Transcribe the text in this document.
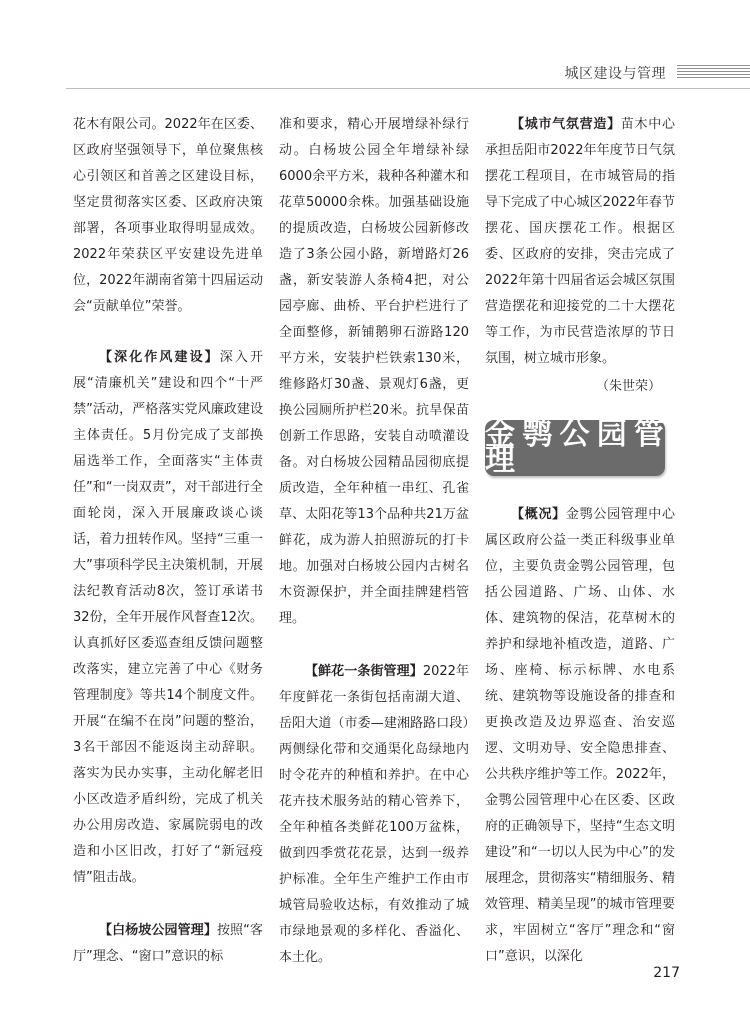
城区建设与管理

花木有限公司。2022年在区委、区政府坚强领导下，单位聚焦核心引领区和首善之区建设目标，坚定贯彻落实区委、区政府决策部署，各项事业取得明显成效。2022年荣获区平安建设先进单位，2022年湖南省第十四届运动会“贡献单位”荣誉。

【深化作风建设】深入开展“清廉机关”建设和四个“十严禁”活动，严格落实党风廉政建设主体责任。5月份完成了支部换届选举工作，全面落实“主体责任”和“一岗双责”，对干部进行全面轮岗，深入开展廉政谈心谈话，着力扭转作风。坚持“三重一大”事项科学民主决策机制，开展法纪教育活动8次，签订承诺书32份，全年开展作风督查12次。认真抓好区委巡查组反馈问题整改落实，建立完善了中心《财务管理制度》等共14个制度文件。开展“在编不在岗”问题的整治，3名干部因不能返岗主动辞职。落实为民办实事，主动化解老旧小区改造矛盾纠纷，完成了机关办公用房改造、家属院弱电的改造和小区旧改，打好了“新冠疫情”阻击战。

【白杨坡公园管理】按照“客厅”理念、“窗口”意识的标

准和要求，精心开展增绿补绿行动。白杨坡公园全年增绿补绿6000余平方米，栽种各种灌木和花草50000余株。加强基础设施的提质改造，白杨坡公园新修改造了3条公园小路，新增路灯26盏，新安装游人条椅4把，对公园亭廊、曲桥、平台护栏进行了全面整修，新铺鹅卵石游路120平方米，安装护栏铁索130米，维修路灯30盏、景观灯6盏，更换公园厕所护栏20米。抗旱保苗创新工作思路，安装自动喷灌设备。对白杨坡公园精品园彻底提质改造，全年种植一串红、孔雀草、太阳花等13个品种共21万盆鲜花，成为游人拍照游玩的打卡地。加强对白杨坡公园内古树名木资源保护，并全面挂牌建档管理。

【鲜花一条街管理】2022年年度鲜花一条街包括南湖大道、岳阳大道（市委—建湘路路口段）两侧绿化带和交通渠化岛绿地内时令花卉的种植和养护。在中心花卉技术服务站的精心管养下，全年种植各类鲜花100万盆株，做到四季赏花花景，达到一级养护标准。全年生产维护工作由市城管局验收达标，有效推动了城市绿地景观的多样化、香溢化、本土化。

【城市气氛营造】苗木中心承担岳阳市2022年年度节日气氛摆花工程项目，在市城管局的指导下完成了中心城区2022年春节摆花、国庆摆花工作。根据区委、区政府的安排，突击完成了2022年第十四届省运会城区氛围营造摆花和迎接党的二十大摆花等工作，为市民营造浓厚的节日氛围，树立城市形象。

（朱世荣）
金鹗公园管理

【概况】金鹗公园管理中心属区政府公益一类正科级事业单位，主要负责金鹗公园管理，包括公园道路、广场、山体、水体、建筑物的保洁，花草树木的养护和绿地补植改造，道路、广场、座椅、标示标牌、水电系统、建筑物等设施设备的排查和更换改造及边界巡查、治安巡逻、文明劝导、安全隐患排查、公共秩序维护等工作。2022年，金鹗公园管理中心在区委、区政府的正确领导下，坚持“生态文明建设”和“一切以人民为中心”的发展理念，贯彻落实“精细服务、精效管理、精美呈现”的城市管理要求，牢固树立“客厅”理念和“窗口”意识，以深化

217
